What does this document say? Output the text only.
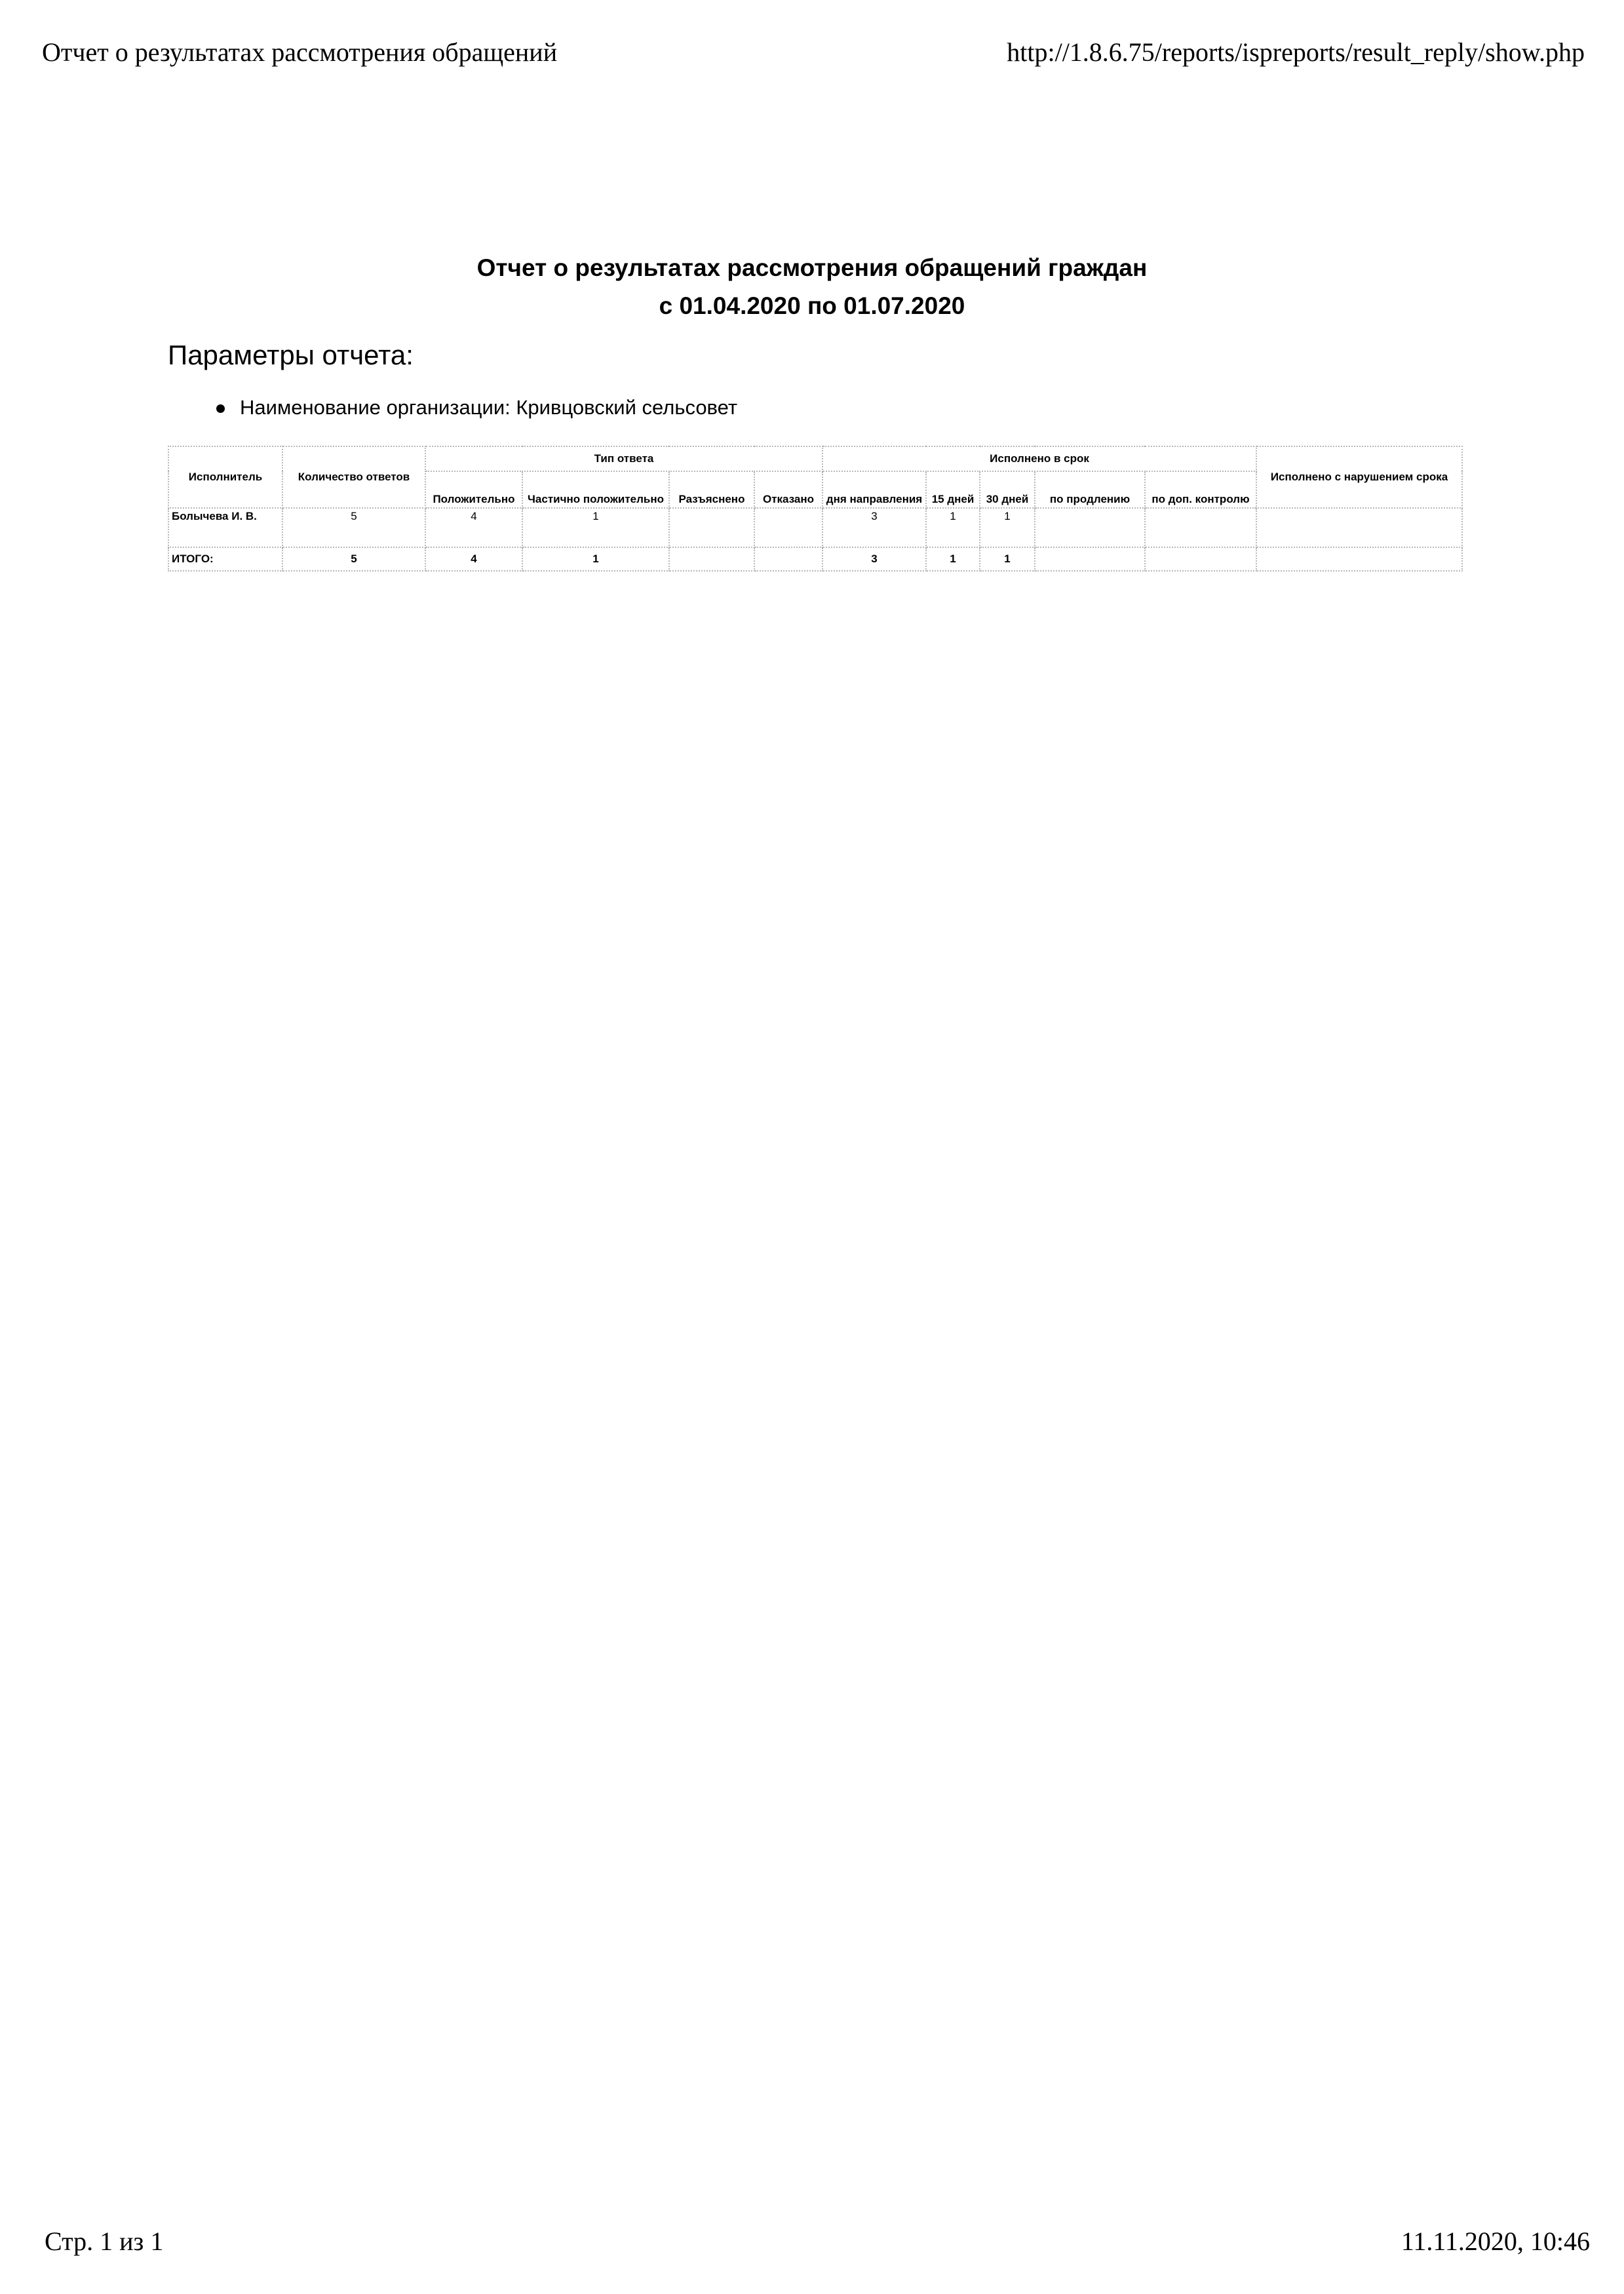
Отчет о результатах рассмотрения обращений	http://1.8.6.75/reports/ispreports/result_reply/show.php
Отчет о результатах рассмотрения обращений граждан
с 01.04.2020 по 01.07.2020
Параметры отчета:
Наименование организации: Кривцовский сельсовет
Исполнитель	Количество ответов	Тип ответа				Исполнено в срок					Исполнено с нарушением срока
		Положительно	Частично положительно	Разъяснено	Отказано	дня направления	15 дней	30 дней	по продлению	по доп. контролю	
Болычева И. В.	5	4	1			3	1	1			
ИТОГО:	5	4	1			3	1	1			
Стр. 1 из 1	11.11.2020, 10:46
